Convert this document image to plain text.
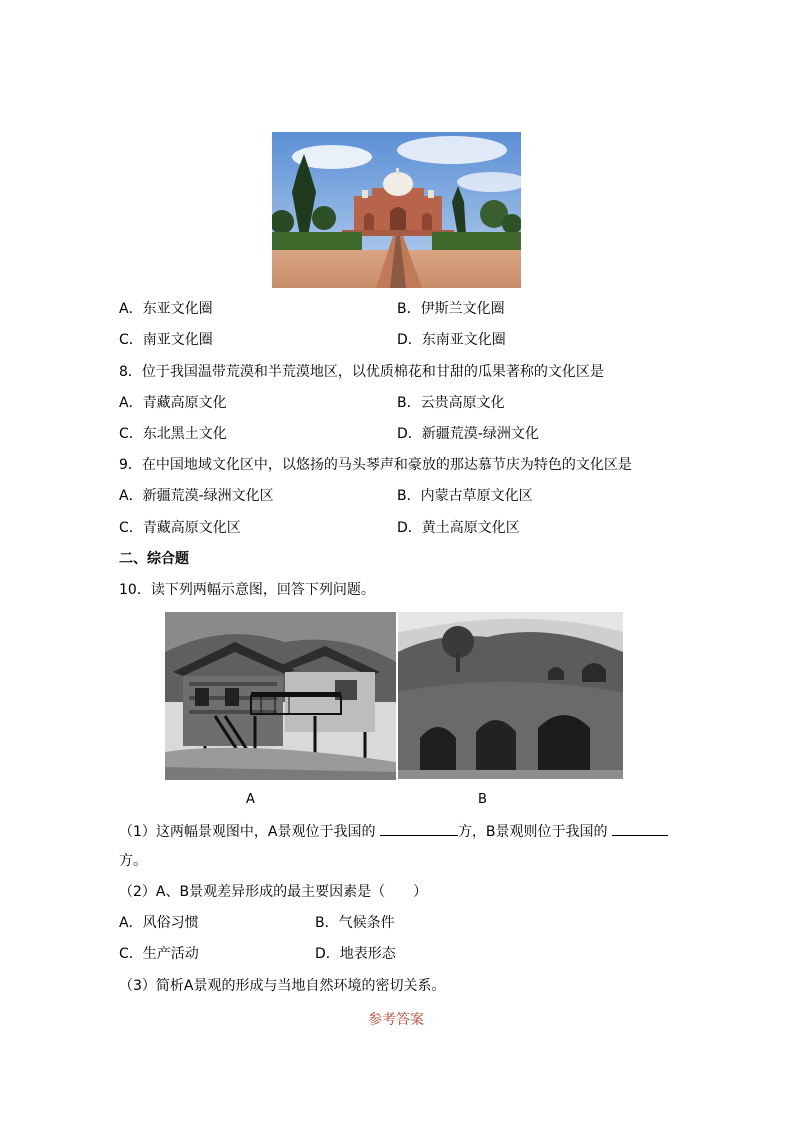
A．东亚文化圈	B．伊斯兰文化圈
C．南亚文化圈	D．东南亚文化圈
8．位于我国温带荒漠和半荒漠地区，以优质棉花和甘甜的瓜果著称的文化区是
A．青藏高原文化	B．云贵高原文化
C．东北黑土文化	D．新疆荒漠-绿洲文化
9．在中国地域文化区中，以悠扬的马头琴声和豪放的那达慕节庆为特色的文化区是
A．新疆荒漠-绿洲文化区	B．内蒙古草原文化区
C．青藏高原文化区	D．黄土高原文化区
二、综合题
10．读下列两幅示意图，回答下列问题。
A	B
（1）这两幅景观图中，A景观位于我国的	方，B景观则位于我国的
方。
（2）A、B景观差异形成的最主要因素是（　　）
A．风俗习惯	B．气候条件
C．生产活动	D．地表形态
（3）简析A景观的形成与当地自然环境的密切关系。
参考答案
